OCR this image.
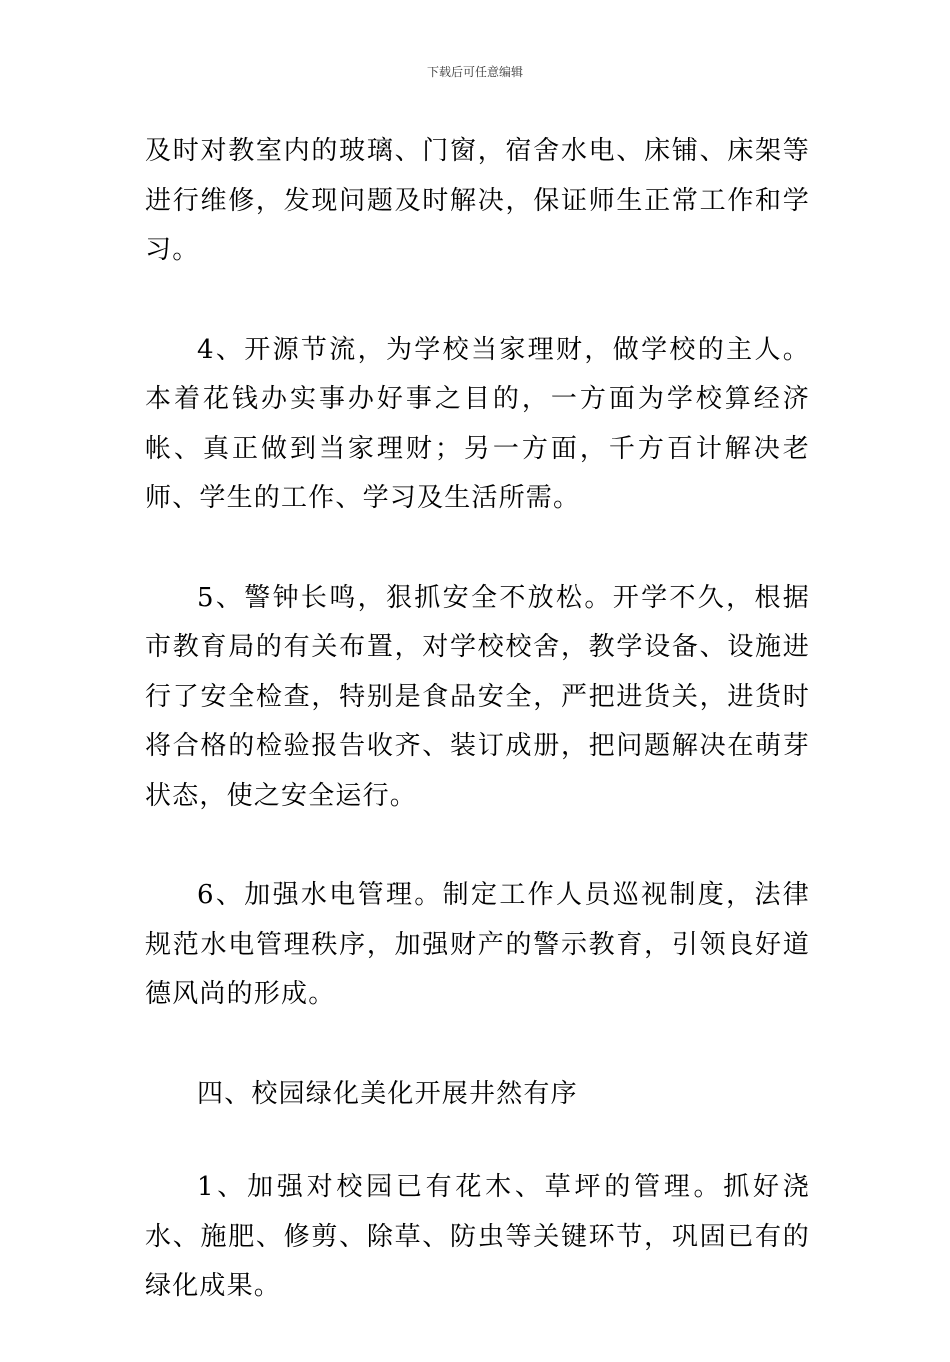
下载后可任意编辑

及时对教室内的玻璃、门窗，宿舍水电、床铺、床架等进行维修，发现问题及时解决，保证师生正常工作和学习。

4、开源节流，为学校当家理财，做学校的主人。本着花钱办实事办好事之目的，一方面为学校算经济帐、真正做到当家理财；另一方面，千方百计解决老师、学生的工作、学习及生活所需。

5、警钟长鸣，狠抓安全不放松。开学不久，根据市教育局的有关布置，对学校校舍，教学设备、设施进行了安全检查，特别是食品安全，严把进货关，进货时将合格的检验报告收齐、装订成册，把问题解决在萌芽状态，使之安全运行。

6、加强水电管理。制定工作人员巡视制度，法律规范水电管理秩序，加强财产的警示教育，引领良好道德风尚的形成。

四、校园绿化美化开展井然有序

1、加强对校园已有花木、草坪的管理。抓好浇水、施肥、修剪、除草、防虫等关键环节，巩固已有的绿化成果。
